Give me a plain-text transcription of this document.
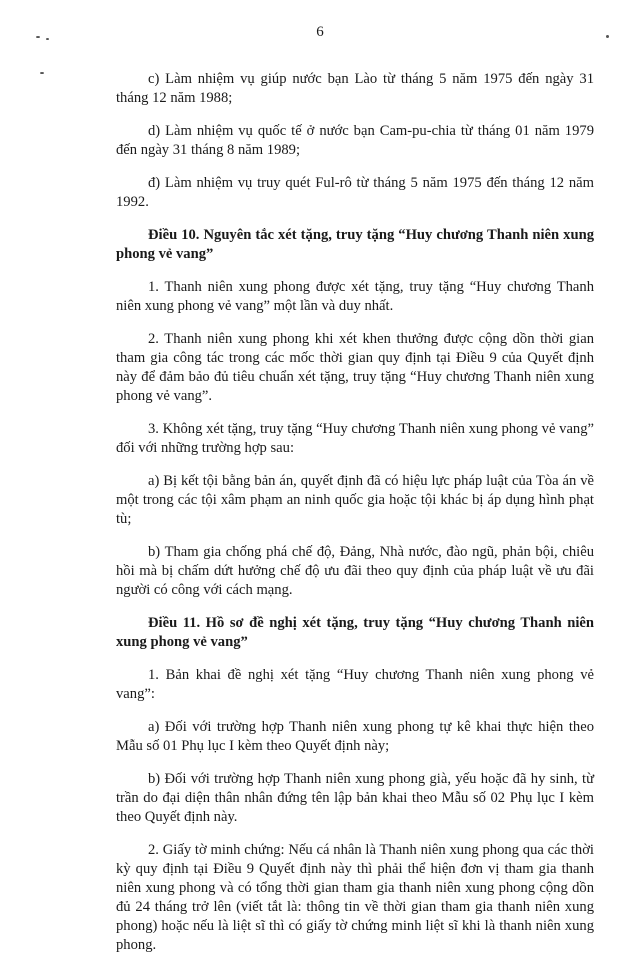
6

c) Làm nhiệm vụ giúp nước bạn Lào từ tháng 5 năm 1975 đến ngày 31 tháng 12 năm 1988;

d) Làm nhiệm vụ quốc tế ở nước bạn Cam-pu-chia từ tháng 01 năm 1979 đến ngày 31 tháng 8 năm 1989;

đ) Làm nhiệm vụ truy quét Ful-rô từ tháng 5 năm 1975 đến tháng 12 năm 1992.

Điều 10. Nguyên tắc xét tặng, truy tặng “Huy chương Thanh niên xung phong vẻ vang”

1. Thanh niên xung phong được xét tặng, truy tặng “Huy chương Thanh niên xung phong vẻ vang” một lần và duy nhất.

2. Thanh niên xung phong khi xét khen thưởng được cộng dồn thời gian tham gia công tác trong các mốc thời gian quy định tại Điều 9 của Quyết định này để đảm bảo đủ tiêu chuẩn xét tặng, truy tặng “Huy chương Thanh niên xung phong vẻ vang”.

3. Không xét tặng, truy tặng “Huy chương Thanh niên xung phong vẻ vang” đối với những trường hợp sau:

a) Bị kết tội bằng bản án, quyết định đã có hiệu lực pháp luật của Tòa án về một trong các tội xâm phạm an ninh quốc gia hoặc tội khác bị áp dụng hình phạt tù;

b) Tham gia chống phá chế độ, Đảng, Nhà nước, đào ngũ, phản bội, chiêu hồi mà bị chấm dứt hưởng chế độ ưu đãi theo quy định của pháp luật về ưu đãi người có công với cách mạng.

Điều 11. Hồ sơ đề nghị xét tặng, truy tặng “Huy chương Thanh niên xung phong vẻ vang”

1. Bản khai đề nghị xét tặng “Huy chương Thanh niên xung phong vẻ vang”:

a) Đối với trường hợp Thanh niên xung phong tự kê khai thực hiện theo Mẫu số 01 Phụ lục I kèm theo Quyết định này;

b) Đối với trường hợp Thanh niên xung phong già, yếu hoặc đã hy sinh, từ trần do đại diện thân nhân đứng tên lập bản khai theo Mẫu số 02 Phụ lục I kèm theo Quyết định này.

2. Giấy tờ minh chứng: Nếu cá nhân là Thanh niên xung phong qua các thời kỳ quy định tại Điều 9 Quyết định này thì phải thể hiện đơn vị tham gia thanh niên xung phong và có tổng thời gian tham gia thanh niên xung phong cộng dồn đủ 24 tháng trở lên (viết tắt là: thông tin về thời gian tham gia thanh niên xung phong) hoặc nếu là liệt sĩ thì có giấy tờ chứng minh liệt sĩ khi là thanh niên xung phong.
